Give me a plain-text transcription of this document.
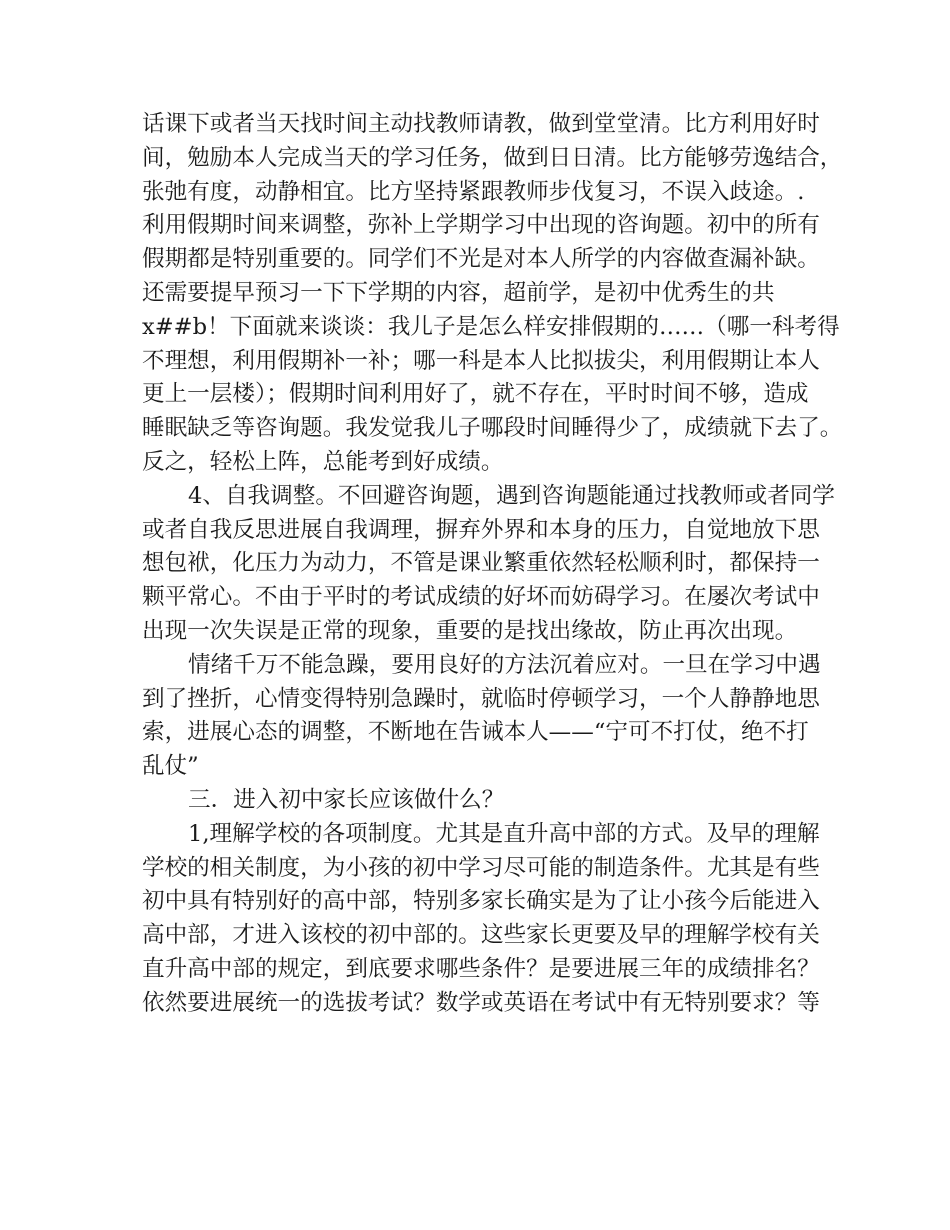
话课下或者当天找时间主动找教师请教，做到堂堂清。比方利用好时
间，勉励本人完成当天的学习任务，做到日日清。比方能够劳逸结合，
张弛有度，动静相宜。比方坚持紧跟教师步伐复习，不误入歧途。.
利用假期时间来调整，弥补上学期学习中出现的咨询题。初中的所有
假期都是特别重要的。同学们不光是对本人所学的内容做查漏补缺。
还需要提早预习一下下学期的内容，超前学，是初中优秀生的共
x##b！下面就来谈谈：我儿子是怎么样安排假期的……（哪一科考得
不理想，利用假期补一补；哪一科是本人比拟拔尖，利用假期让本人
更上一层楼）；假期时间利用好了，就不存在，平时时间不够，造成
睡眠缺乏等咨询题。我发觉我儿子哪段时间睡得少了，成绩就下去了。
反之，轻松上阵，总能考到好成绩。
4、自我调整。不回避咨询题，遇到咨询题能通过找教师或者同学
或者自我反思进展自我调理，摒弃外界和本身的压力，自觉地放下思
想包袱，化压力为动力，不管是课业繁重依然轻松顺利时，都保持一
颗平常心。不由于平时的考试成绩的好坏而妨碍学习。在屡次考试中
出现一次失误是正常的现象，重要的是找出缘故，防止再次出现。
情绪千万不能急躁，要用良好的方法沉着应对。一旦在学习中遇
到了挫折，心情变得特别急躁时，就临时停顿学习，一个人静静地思
索，进展心态的调整，不断地在告诫本人——“宁可不打仗，绝不打
乱仗”
三．进入初中家长应该做什么？
1,理解学校的各项制度。尤其是直升高中部的方式。及早的理解
学校的相关制度，为小孩的初中学习尽可能的制造条件。尤其是有些
初中具有特别好的高中部，特别多家长确实是为了让小孩今后能进入
高中部，才进入该校的初中部的。这些家长更要及早的理解学校有关
直升高中部的规定，到底要求哪些条件？是要进展三年的成绩排名？
依然要进展统一的选拔考试？数学或英语在考试中有无特别要求？等
